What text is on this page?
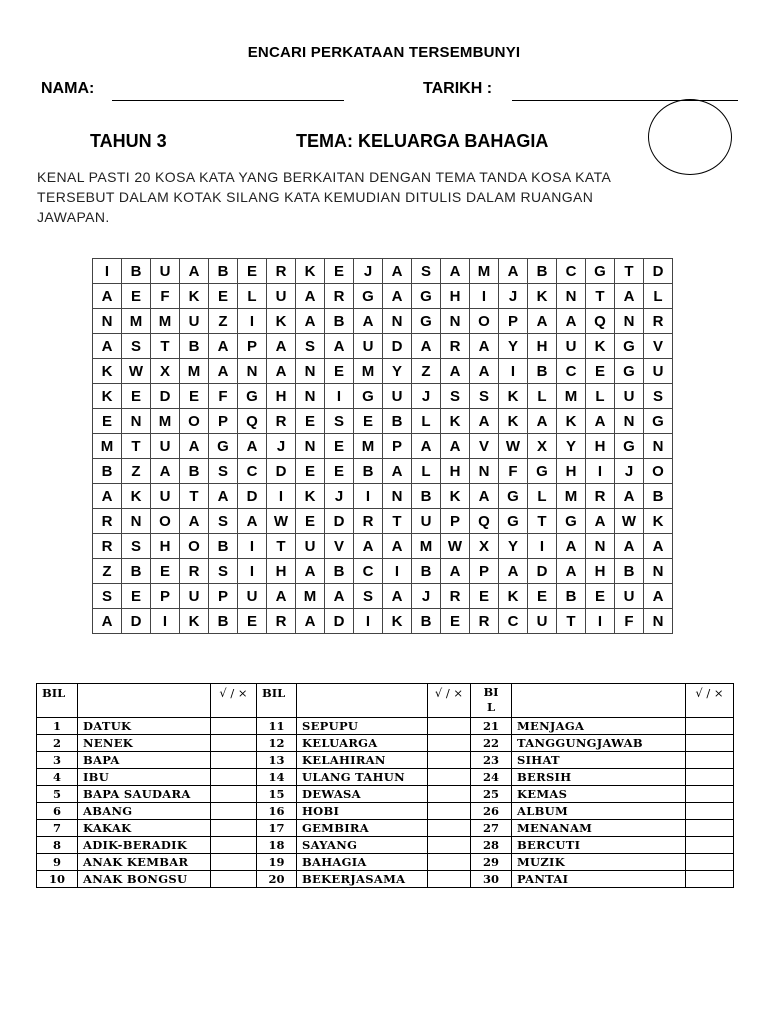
ENCARI PERKATAAN TERSEMBUNYI
NAMA:	TARIKH :
TAHUN 3	TEMA: KELUARGA BAHAGIA
KENAL PASTI 20 KOSA KATA YANG BERKAITAN DENGAN TEMA TANDA KOSA KATA TERSEBUT DALAM KOTAK SILANG KATA KEMUDIAN DITULIS DALAM RUANGAN JAWAPAN.
I	B	U	A	B	E	R	K	E	J	A	S	A	M	A	B	C	G	T	D
A	E	F	K	E	L	U	A	R	G	A	G	H	I	J	K	N	T	A	L
N	M	M	U	Z	I	K	A	B	A	N	G	N	O	P	A	A	Q	N	R
A	S	T	B	A	P	A	S	A	U	D	A	R	A	Y	H	U	K	G	V
K	W	X	M	A	N	A	N	E	M	Y	Z	A	A	I	B	C	E	G	U
K	E	D	E	F	G	H	N	I	G	U	J	S	S	K	L	M	L	U	S
E	N	M	O	P	Q	R	E	S	E	B	L	K	A	K	A	K	A	N	G
M	T	U	A	G	A	J	N	E	M	P	A	A	V	W	X	Y	H	G	N
B	Z	A	B	S	C	D	E	E	B	A	L	H	N	F	G	H	I	J	O
A	K	U	T	A	D	I	K	J	I	N	B	K	A	G	L	M	R	A	B
R	N	O	A	S	A	W	E	D	R	T	U	P	Q	G	T	G	A	W	K
R	S	H	O	B	I	T	U	V	A	A	M	W	X	Y	I	A	N	A	A
Z	B	E	R	S	I	H	A	B	C	I	B	A	P	A	D	A	H	B	N
S	E	P	U	P	U	A	M	A	S	A	J	R	E	K	E	B	E	U	A
A	D	I	K	B	E	R	A	D	I	K	B	E	R	C	U	T	I	F	N
BIL		√ / ×	BIL		√ / ×	BI
L		√ / ×
1	DATUK		11	SEPUPU		21	MENJAGA	
2	NENEK		12	KELUARGA		22	TANGGUNGJAWAB	
3	BAPA		13	KELAHIRAN		23	SIHAT	
4	IBU		14	ULANG TAHUN		24	BERSIH	
5	BAPA SAUDARA		15	DEWASA		25	KEMAS	
6	ABANG		16	HOBI		26	ALBUM	
7	KAKAK		17	GEMBIRA		27	MENANAM	
8	ADIK-BERADIK		18	SAYANG		28	BERCUTI	
9	ANAK KEMBAR		19	BAHAGIA		29	MUZIK	
10	ANAK BONGSU		20	BEKERJASAMA		30	PANTAI	
